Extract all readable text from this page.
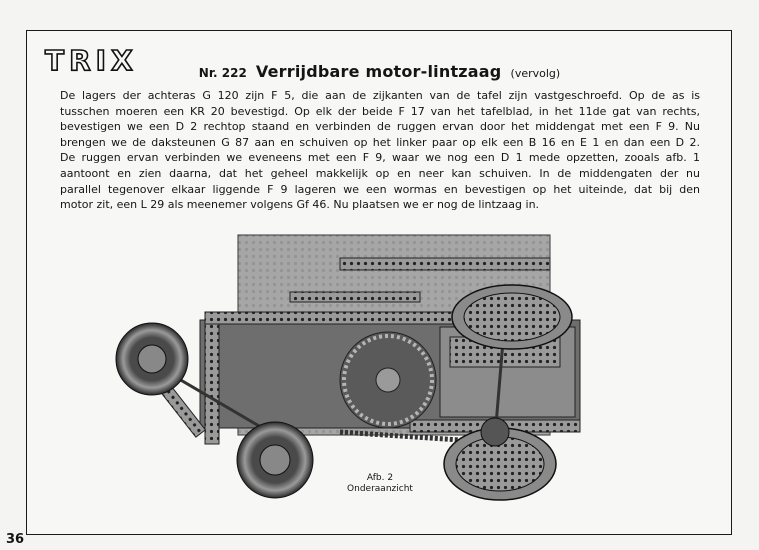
TRIX	Nr. 222 Verrijdbare motor-lintzaag (vervolg)

De lagers der achteras G 120 zijn F 5, die aan de zijkanten van de tafel zijn vastgeschroefd. Op de as is

tusschen moeren een KR 20 bevestigd. Op elk der beide F 17 van het tafelblad, in het 11de gat van rechts,

bevestigen we een D 2 rechtop staand en verbinden de ruggen ervan door het middengat met een F 9. Nu

brengen we de daksteunen G 87 aan en schuiven op het linker paar op elk een B 16 en E 1 en dan een D 2.

De ruggen ervan verbinden we eveneens met een F 9, waar we nog een D 1 mede opzetten, zooals afb. 1

aantoont en zien daarna, dat het geheel makkelijk op en neer kan schuiven. In de middengaten der nu

parallel tegenover elkaar liggende F 9 lageren we een wormas en bevestigen op het uiteinde, dat bij den

motor zit, een L 29 als meenemer volgens Gf 46. Nu plaatsen we er nog de lintzaag in.

Afb. 2
Onderaanzicht
36
